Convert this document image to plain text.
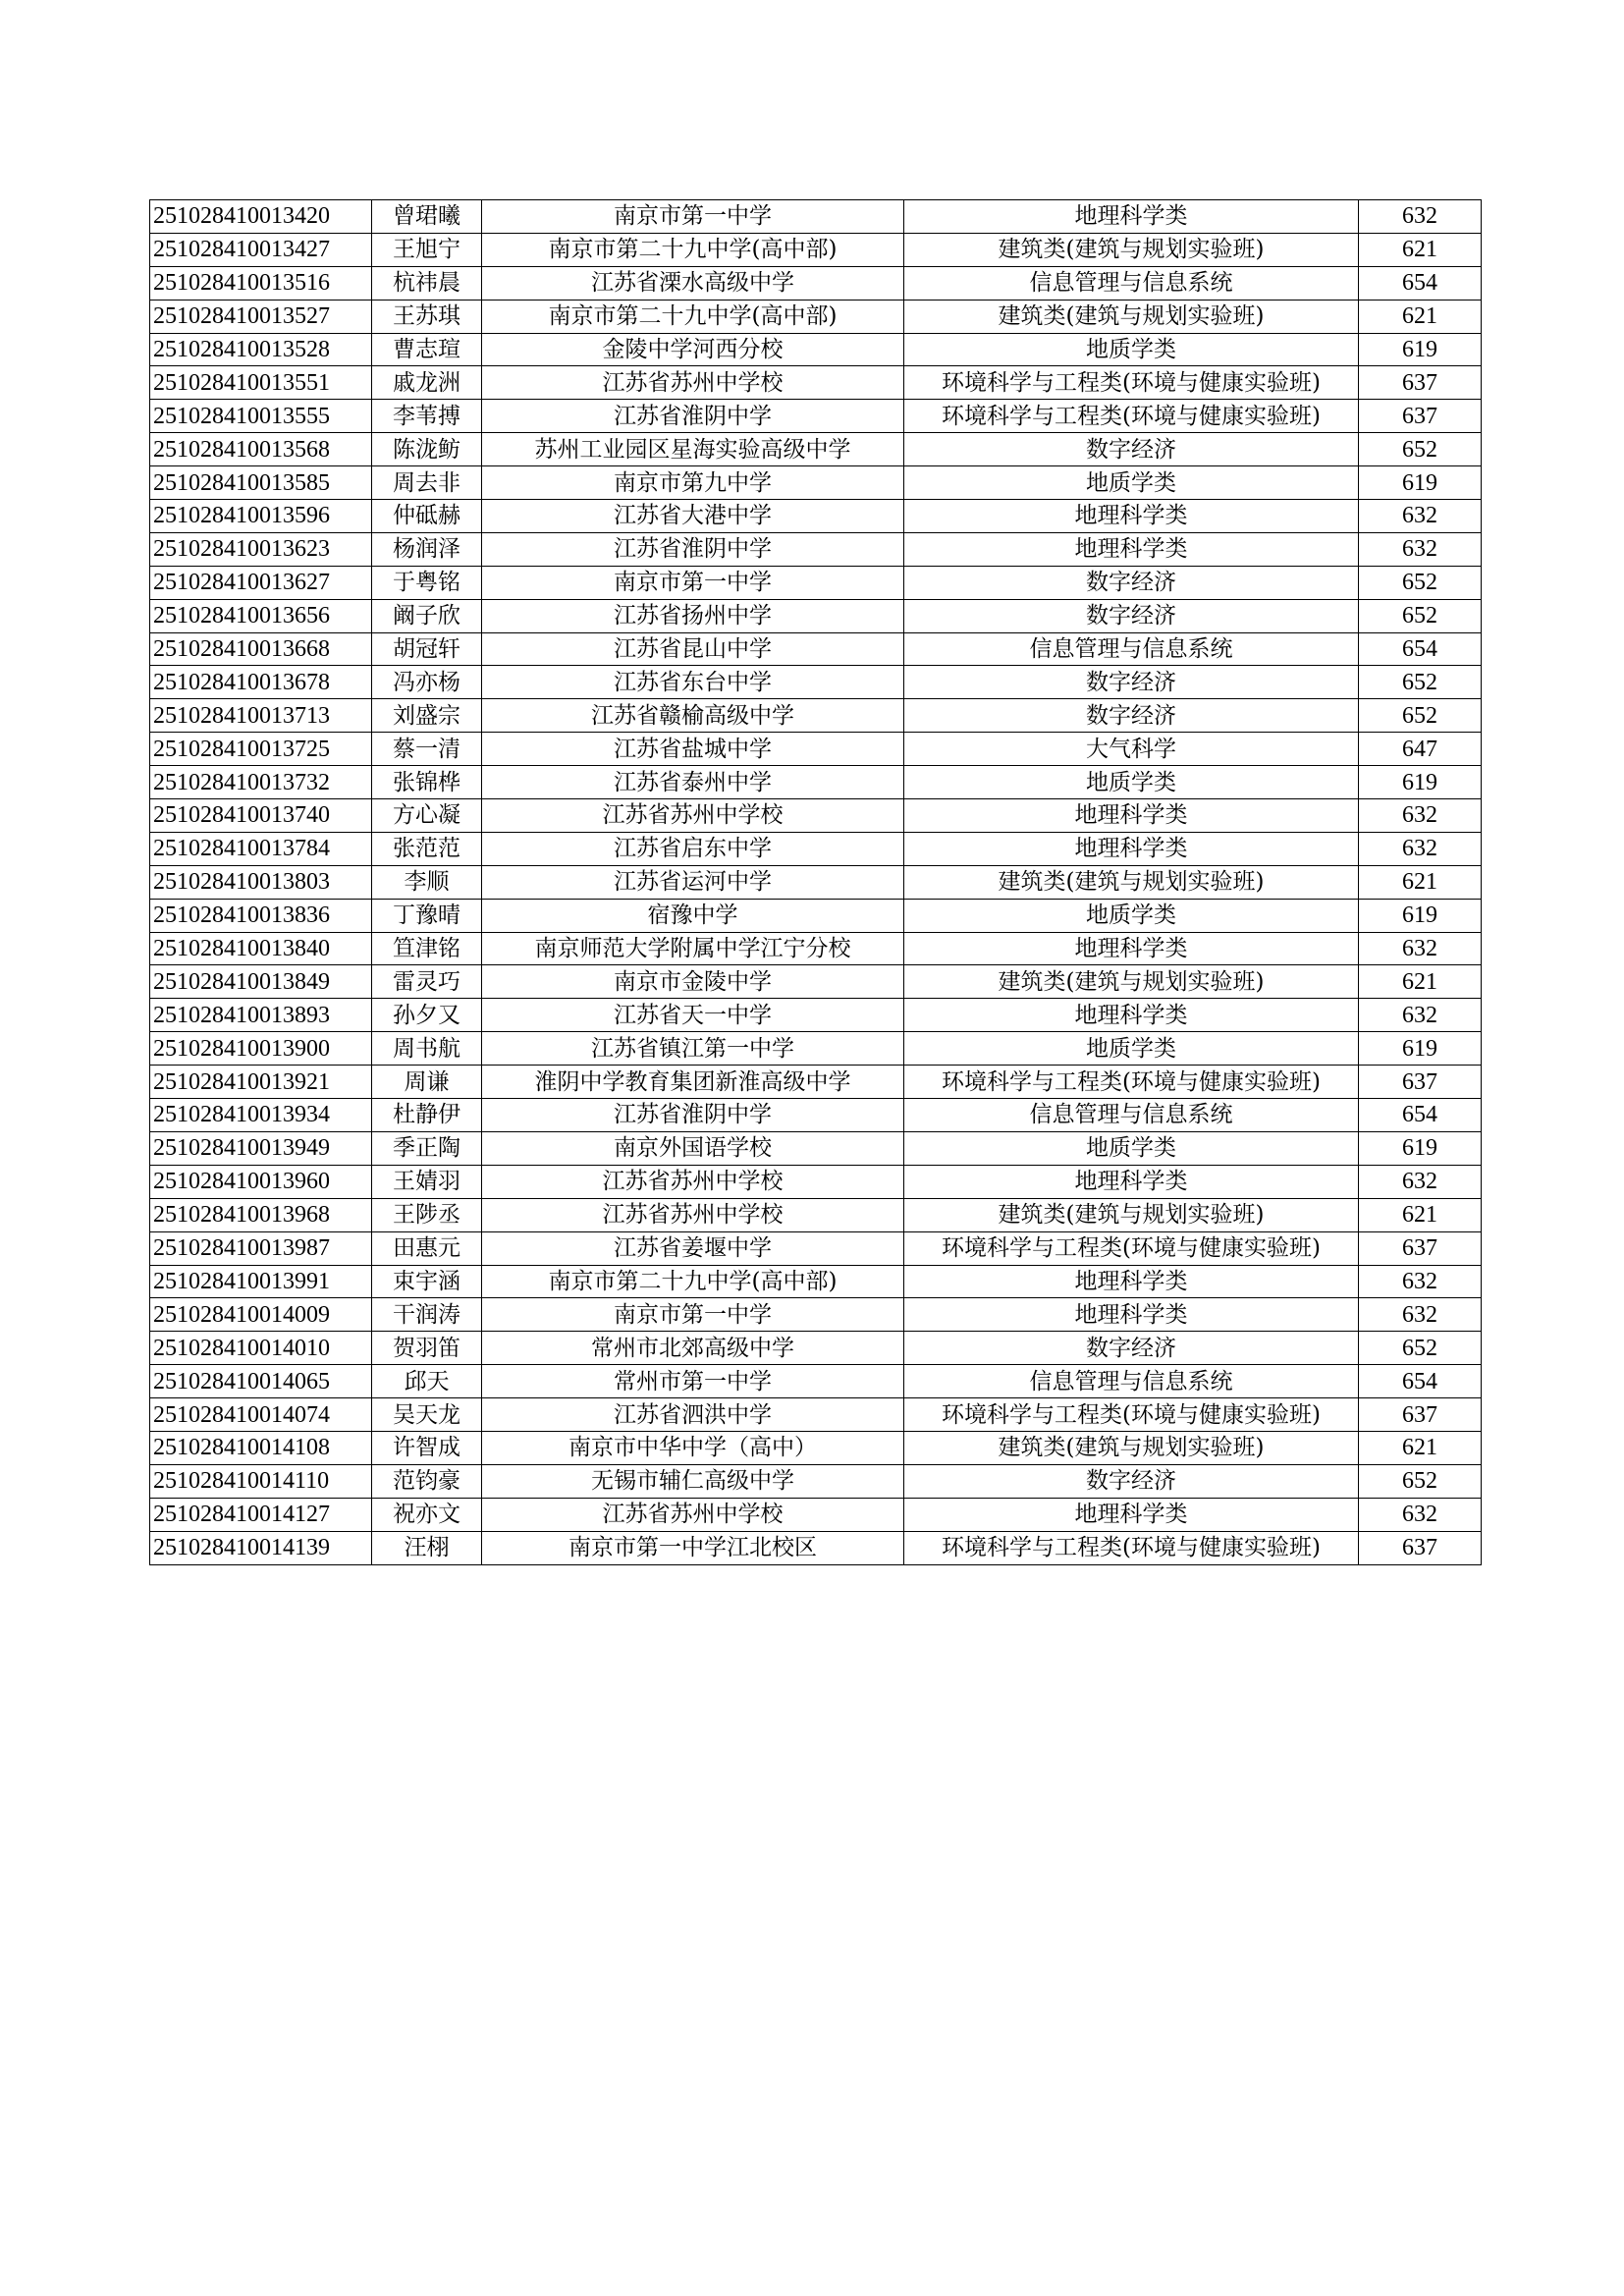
251028410013420	曾珺曦	南京市第一中学	地理科学类	632
251028410013427	王旭宁	南京市第二十九中学(高中部)	建筑类(建筑与规划实验班)	621
251028410013516	杭祎晨	江苏省溧水高级中学	信息管理与信息系统	654
251028410013527	王苏琪	南京市第二十九中学(高中部)	建筑类(建筑与规划实验班)	621
251028410013528	曹志瑄	金陵中学河西分校	地质学类	619
251028410013551	戚龙洲	江苏省苏州中学校	环境科学与工程类(环境与健康实验班)	637
251028410013555	李苇搏	江苏省淮阴中学	环境科学与工程类(环境与健康实验班)	637
251028410013568	陈泷鲂	苏州工业园区星海实验高级中学	数字经济	652
251028410013585	周去非	南京市第九中学	地质学类	619
251028410013596	仲砥赫	江苏省大港中学	地理科学类	632
251028410013623	杨润泽	江苏省淮阴中学	地理科学类	632
251028410013627	于粤铭	南京市第一中学	数字经济	652
251028410013656	阚子欣	江苏省扬州中学	数字经济	652
251028410013668	胡冠轩	江苏省昆山中学	信息管理与信息系统	654
251028410013678	冯亦杨	江苏省东台中学	数字经济	652
251028410013713	刘盛宗	江苏省赣榆高级中学	数字经济	652
251028410013725	蔡一清	江苏省盐城中学	大气科学	647
251028410013732	张锦桦	江苏省泰州中学	地质学类	619
251028410013740	方心凝	江苏省苏州中学校	地理科学类	632
251028410013784	张范范	江苏省启东中学	地理科学类	632
251028410013803	李顺	江苏省运河中学	建筑类(建筑与规划实验班)	621
251028410013836	丁豫晴	宿豫中学	地质学类	619
251028410013840	笪津铭	南京师范大学附属中学江宁分校	地理科学类	632
251028410013849	雷灵巧	南京市金陵中学	建筑类(建筑与规划实验班)	621
251028410013893	孙夕又	江苏省天一中学	地理科学类	632
251028410013900	周书航	江苏省镇江第一中学	地质学类	619
251028410013921	周谦	淮阴中学教育集团新淮高级中学	环境科学与工程类(环境与健康实验班)	637
251028410013934	杜静伊	江苏省淮阴中学	信息管理与信息系统	654
251028410013949	季正陶	南京外国语学校	地质学类	619
251028410013960	王婧羽	江苏省苏州中学校	地理科学类	632
251028410013968	王陟丞	江苏省苏州中学校	建筑类(建筑与规划实验班)	621
251028410013987	田惠元	江苏省姜堰中学	环境科学与工程类(环境与健康实验班)	637
251028410013991	束宇涵	南京市第二十九中学(高中部)	地理科学类	632
251028410014009	干润涛	南京市第一中学	地理科学类	632
251028410014010	贺羽笛	常州市北郊高级中学	数字经济	652
251028410014065	邱天	常州市第一中学	信息管理与信息系统	654
251028410014074	吴天龙	江苏省泗洪中学	环境科学与工程类(环境与健康实验班)	637
251028410014108	许智成	南京市中华中学（高中）	建筑类(建筑与规划实验班)	621
251028410014110	范钧豪	无锡市辅仁高级中学	数字经济	652
251028410014127	祝亦文	江苏省苏州中学校	地理科学类	632
251028410014139	汪栩	南京市第一中学江北校区	环境科学与工程类(环境与健康实验班)	637
